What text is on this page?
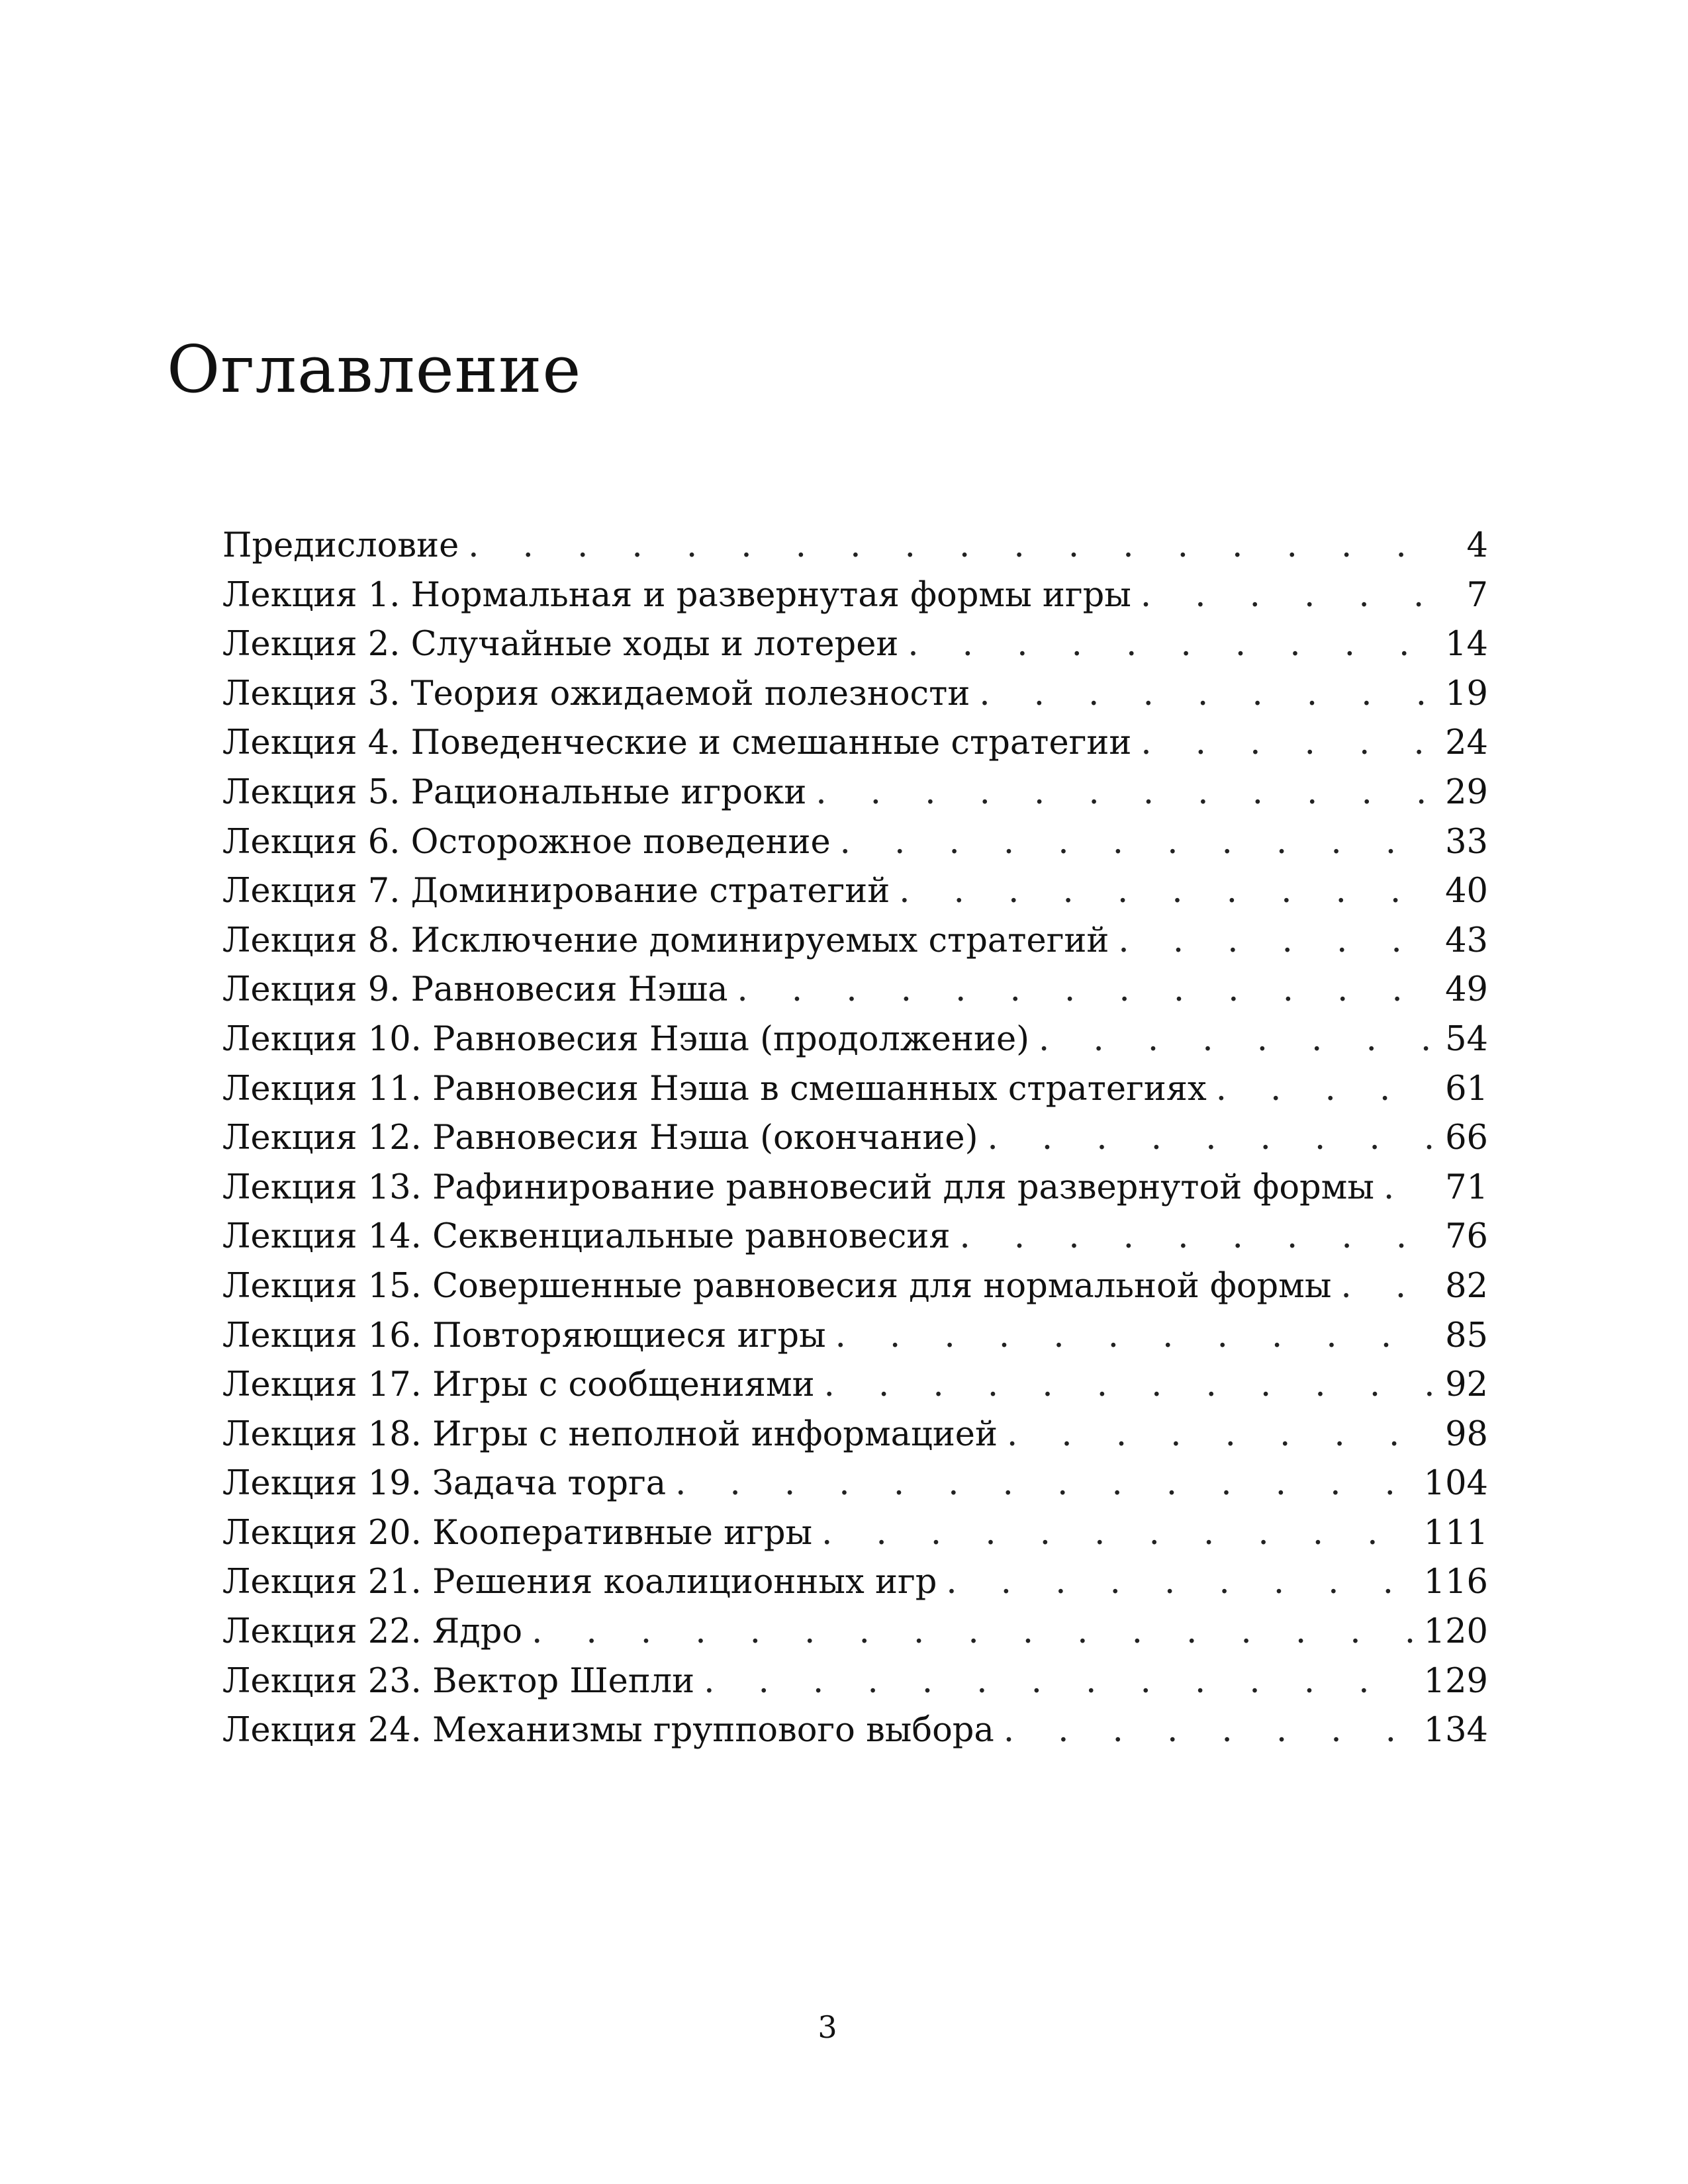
Оглавление
Предисловие . . .	4
Лекция 1. Нормальная и развернутая формы игры . . .	7
Лекция 2. Случайные ходы и лотереи . . .	14
Лекция 3. Теория ожидаемой полезности . . .	19
Лекция 4. Поведенческие и смешанные стратегии . . .	24
Лекция 5. Рациональные игроки . . .	29
Лекция 6. Осторожное поведение . . .	33
Лекция 7. Доминирование стратегий . . .	40
Лекция 8. Исключение доминируемых стратегий . . .	43
Лекция 9. Равновесия Нэша . . .	49
Лекция 10. Равновесия Нэша (продолжение) . . .	54
Лекция 11. Равновесия Нэша в смешанных стратегиях . . .	61
Лекция 12. Равновесия Нэша (окончание) . . .	66
Лекция 13. Рафинирование равновесий для развернутой формы . . . 71
Лекция 14. Секвенциальные равновесия . . .	76
Лекция 15. Совершенные равновесия для нормальной формы . . .	82
Лекция 16. Повторяющиеся игры . . .	85
Лекция 17. Игры с сообщениями . . .	92
Лекция 18. Игры с неполной информацией . . .	98
Лекция 19. Задача торга . . .	104
Лекция 20. Кооперативные игры . . .	111
Лекция 21. Решения коалиционных игр . . .	116
Лекция 22. Ядро . . .	120
Лекция 23. Вектор Шепли . . .	129
Лекция 24. Механизмы группового выбора . . .	134
3
